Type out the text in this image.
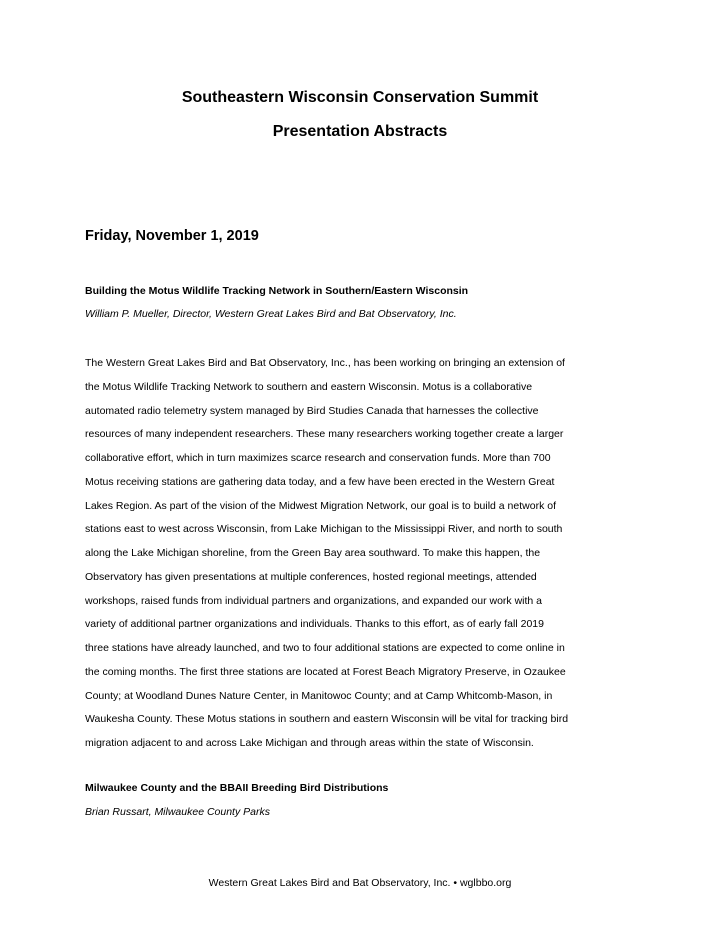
Southeastern Wisconsin Conservation Summit
Presentation Abstracts
Friday, November 1, 2019

Building the Motus Wildlife Tracking Network in Southern/Eastern Wisconsin

William P. Mueller, Director, Western Great Lakes Bird and Bat Observatory, Inc.

The Western Great Lakes Bird and Bat Observatory, Inc., has been working on bringing an extension of
the Motus Wildlife Tracking Network to southern and eastern Wisconsin. Motus is a collaborative
automated radio telemetry system managed by Bird Studies Canada that harnesses the collective
resources of many independent researchers. These many researchers working together create a larger
collaborative effort, which in turn maximizes scarce research and conservation funds. More than 700
Motus receiving stations are gathering data today, and a few have been erected in the Western Great
Lakes Region. As part of the vision of the Midwest Migration Network, our goal is to build a network of
stations east to west across Wisconsin, from Lake Michigan to the Mississippi River, and north to south
along the Lake Michigan shoreline, from the Green Bay area southward. To make this happen, the
Observatory has given presentations at multiple conferences, hosted regional meetings, attended
workshops, raised funds from individual partners and organizations, and expanded our work with a
variety of additional partner organizations and individuals. Thanks to this effort, as of early fall 2019
three stations have already launched, and two to four additional stations are expected to come online in
the coming months. The first three stations are located at Forest Beach Migratory Preserve, in Ozaukee
County; at Woodland Dunes Nature Center, in Manitowoc County; and at Camp Whitcomb-Mason, in
Waukesha County. These Motus stations in southern and eastern Wisconsin will be vital for tracking bird
migration adjacent to and across Lake Michigan and through areas within the state of Wisconsin.

Milwaukee County and the BBAII Breeding Bird Distributions

Brian Russart, Milwaukee County Parks

Western Great Lakes Bird and Bat Observatory, Inc. • wglbbo.org
